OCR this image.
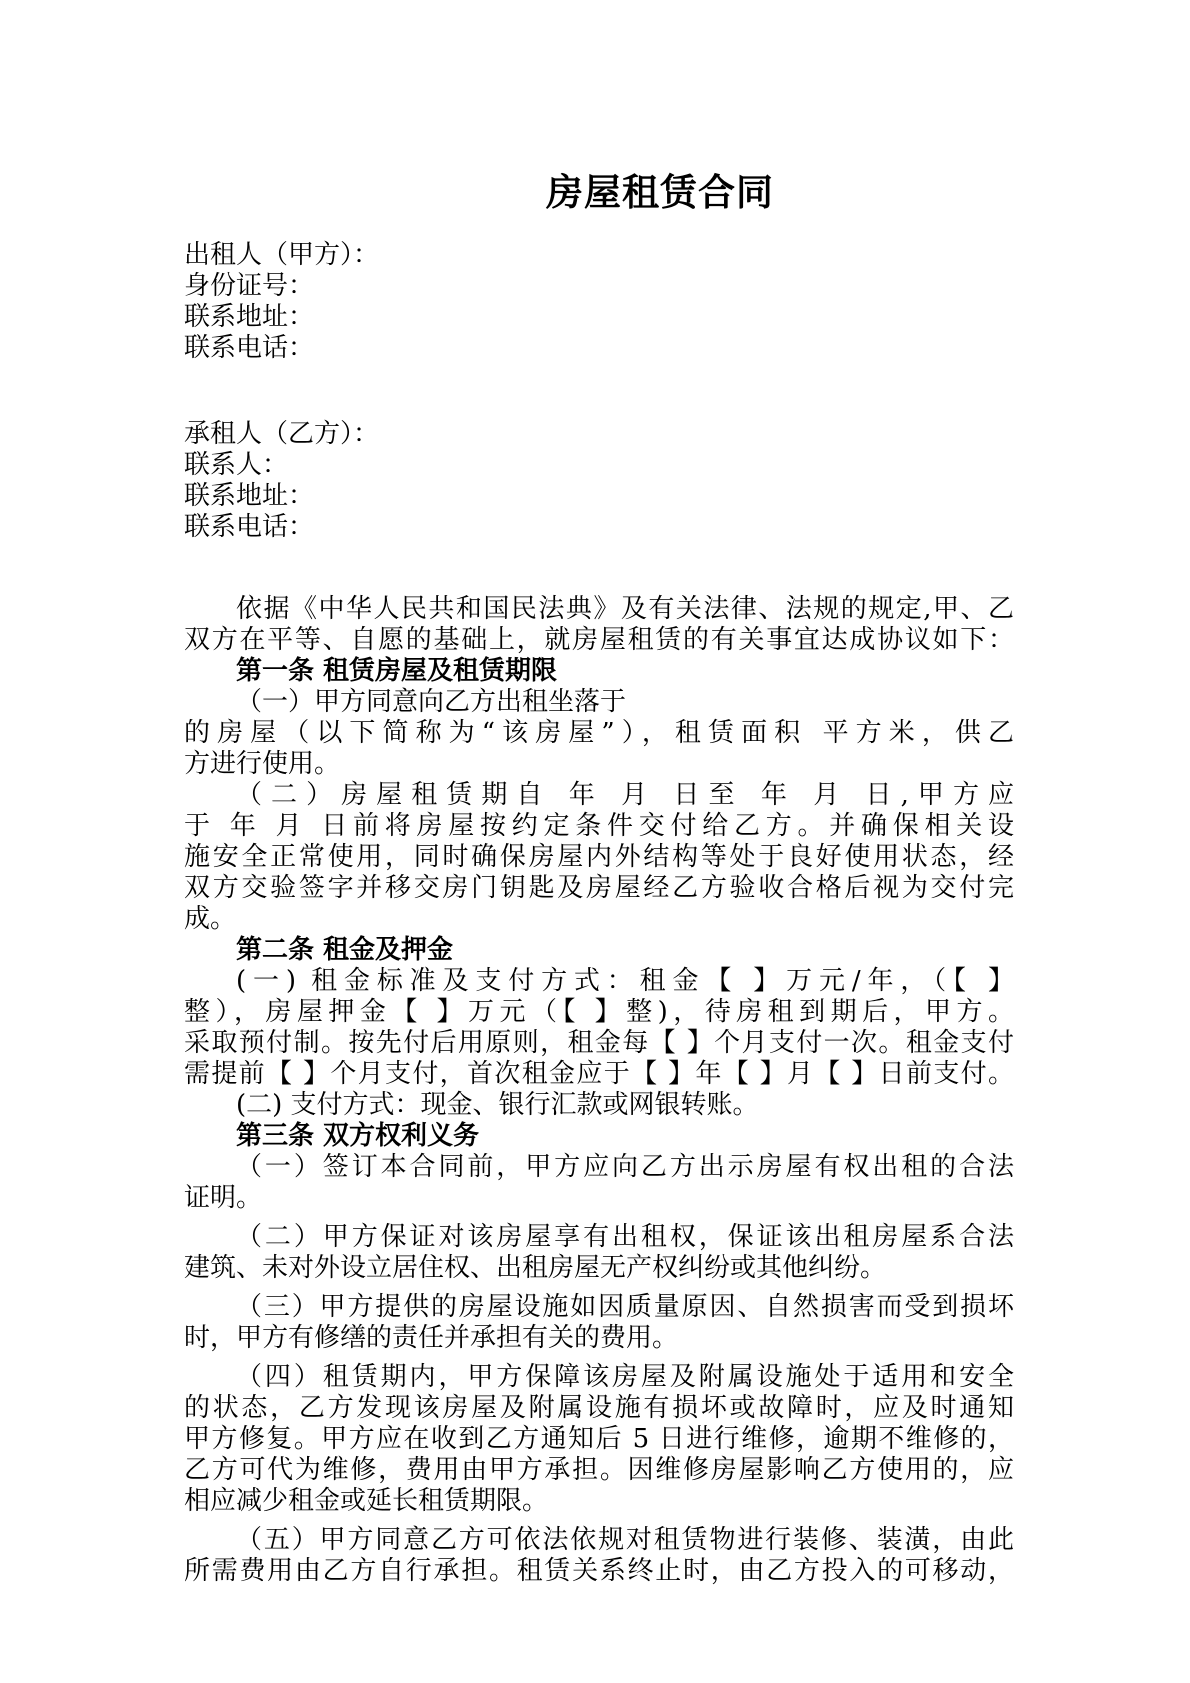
房屋租赁合同
出租人（甲方）：
身份证号：
联系地址：
联系电话：
承租人（乙方）：
联系人：
联系地址：
联系电话：
依据《中华人民共和国民法典》及有关法律、法规的规定,甲、乙
双方在平等、自愿的基础上，就房屋租赁的有关事宜达成协议如下：
第一条 租赁房屋及租赁期限
（一）甲方同意向乙方出租坐落于
的房屋（以下简称为“该房屋”），租赁面积 平方米，供乙
方进行使用。
（二）房屋租赁期自 年 月 日至 年 月 日,甲方应
于 年 月 日前将房屋按约定条件交付给乙方。并确保相关设
施安全正常使用，同时确保房屋内外结构等处于良好使用状态，经
双方交验签字并移交房门钥匙及房屋经乙方验收合格后视为交付完
成。
第二条 租金及押金
(一) 租金标准及支付方式：租金【 】万元/年，（【 】
整），房屋押金【 】万元（【 】整)，待房租到期后，甲方。
采取预付制。按先付后用原则，租金每【 】个月支付一次。租金支付
需提前【 】个月支付，首次租金应于【 】年【 】月【 】日前支付。
(二) 支付方式：现金、银行汇款或网银转账。
第三条 双方权利义务
（一）签订本合同前，甲方应向乙方出示房屋有权出租的合法
证明。
（二）甲方保证对该房屋享有出租权，保证该出租房屋系合法
建筑、未对外设立居住权、出租房屋无产权纠纷或其他纠纷。
（三）甲方提供的房屋设施如因质量原因、自然损害而受到损坏
时，甲方有修缮的责任并承担有关的费用。
（四）租赁期内，甲方保障该房屋及附属设施处于适用和安全
的状态，乙方发现该房屋及附属设施有损坏或故障时，应及时通知
甲方修复。甲方应在收到乙方通知后 5 日进行维修，逾期不维修的，
乙方可代为维修，费用由甲方承担。因维修房屋影响乙方使用的，应
相应减少租金或延长租赁期限。
（五）甲方同意乙方可依法依规对租赁物进行装修、装潢，由此
所需费用由乙方自行承担。租赁关系终止时，由乙方投入的可移动，
